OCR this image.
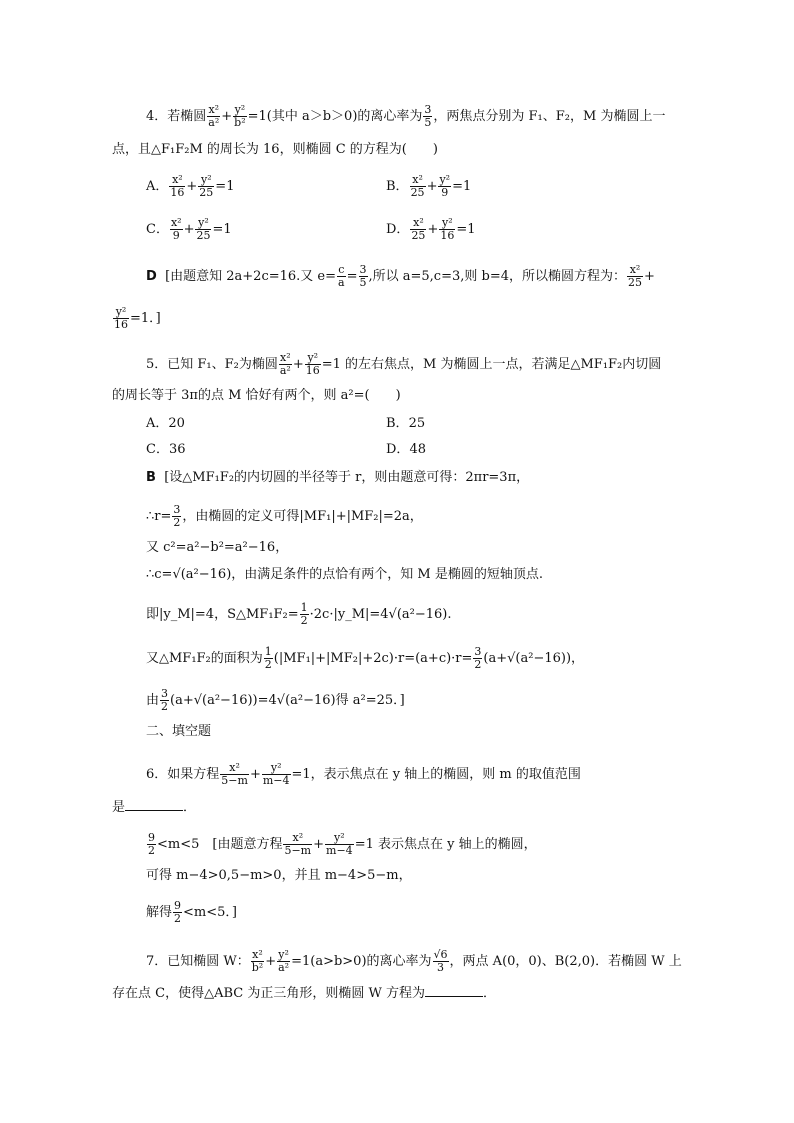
4．若椭圆 $\frac{\text{x²}}{\text{a²}} + \frac{\text{y²}}{\text{b²}} =1$(其中 a＞b＞0)的离心率为 $\frac{3}{5}$ ，两焦点分别为 F₁、F₂，M 为椭圆上一
点，且△F₁F₂M 的周长为 16，则椭圆 C 的方程为(　　)
A． $\frac{\text{x²}}{16} + \frac{\text{y²}}{25} =1$	B． $\frac{\text{x²}}{25} + \frac{\text{y²}}{9} =1$
C． $\frac{\text{x²}}{9} + \frac{\text{y²}}{25} =1$	D． $\frac{\text{x²}}{25} + \frac{\text{y²}}{16} =1$
D [由题意知 2a+2c=16.又 $e= \frac{c}{a} = \frac{3}{5}$ ,所以 a=5,c=3,则 b=4，所以椭圆方程为： $\frac{\text{x²}}{25}$ +
$\frac{\text{y²}}{16} =1$．]
5．已知 F₁、F₂为椭圆 $\frac{\text{x²}}{\text{a²}} + \frac{\text{y²}}{16} =1$ 的左右焦点，M 为椭圆上一点，若满足△MF₁F₂内切圆
的周长等于 3π的点 M 恰好有两个，则 a²=(　　)
A．20	B．25
C．36	D．48
B [设△MF₁F₂的内切圆的半径等于 r，则由题意可得：2πr=3π，
∴r= $\frac{3}{2}$ ，由椭圆的定义可得|MF₁|+|MF₂|=2a，
又 c²=a²−b²=a²−16，
∴c=√(a²−16)，由满足条件的点恰有两个，知 M 是椭圆的短轴顶点.
即|y_M|=4，S△MF₁F₂= $\frac{1}{2}$ ·2c·|y_M|=4√(a²−16).
又△MF₁F₂的面积为 $\frac{1}{2} (|MF_1|+|MF_2|+2c)\cdot r=(a+c)\cdot r= \frac{3}{2} (a+√(a^2-16))$，
由 $\frac{3}{2} (a+√(a^2-16))=4√(a^2-16)$得 a²=25．]
二、填空题
6．如果方程 $\frac{\text{x²}}{5-m} + \frac{\text{y²}}{m-4} =1$，表示焦点在 y 轴上的椭圆，则 m 的取值范围
是	．
$\frac{9}{2} <m<5$　[由题意方程 $\frac{\text{x²}}{5-m} + \frac{\text{y²}}{m-4} =1$ 表示焦点在 y 轴上的椭圆，
可得 m−4>0,5−m>0，并且 m−4>5−m，
解得 $\frac{9}{2} <m<5$．]
7．已知椭圆 W： $\frac{\text{x²}}{\text{b²}} + \frac{\text{y²}}{\text{a²}} =1(a>b>0)$的离心率为 $\frac{√6}{3}$ ，两点 A(0，0)、B(2,0)．若椭圆 W 上
存在点 C，使得△ABC 为正三角形，则椭圆 W 方程为	．
